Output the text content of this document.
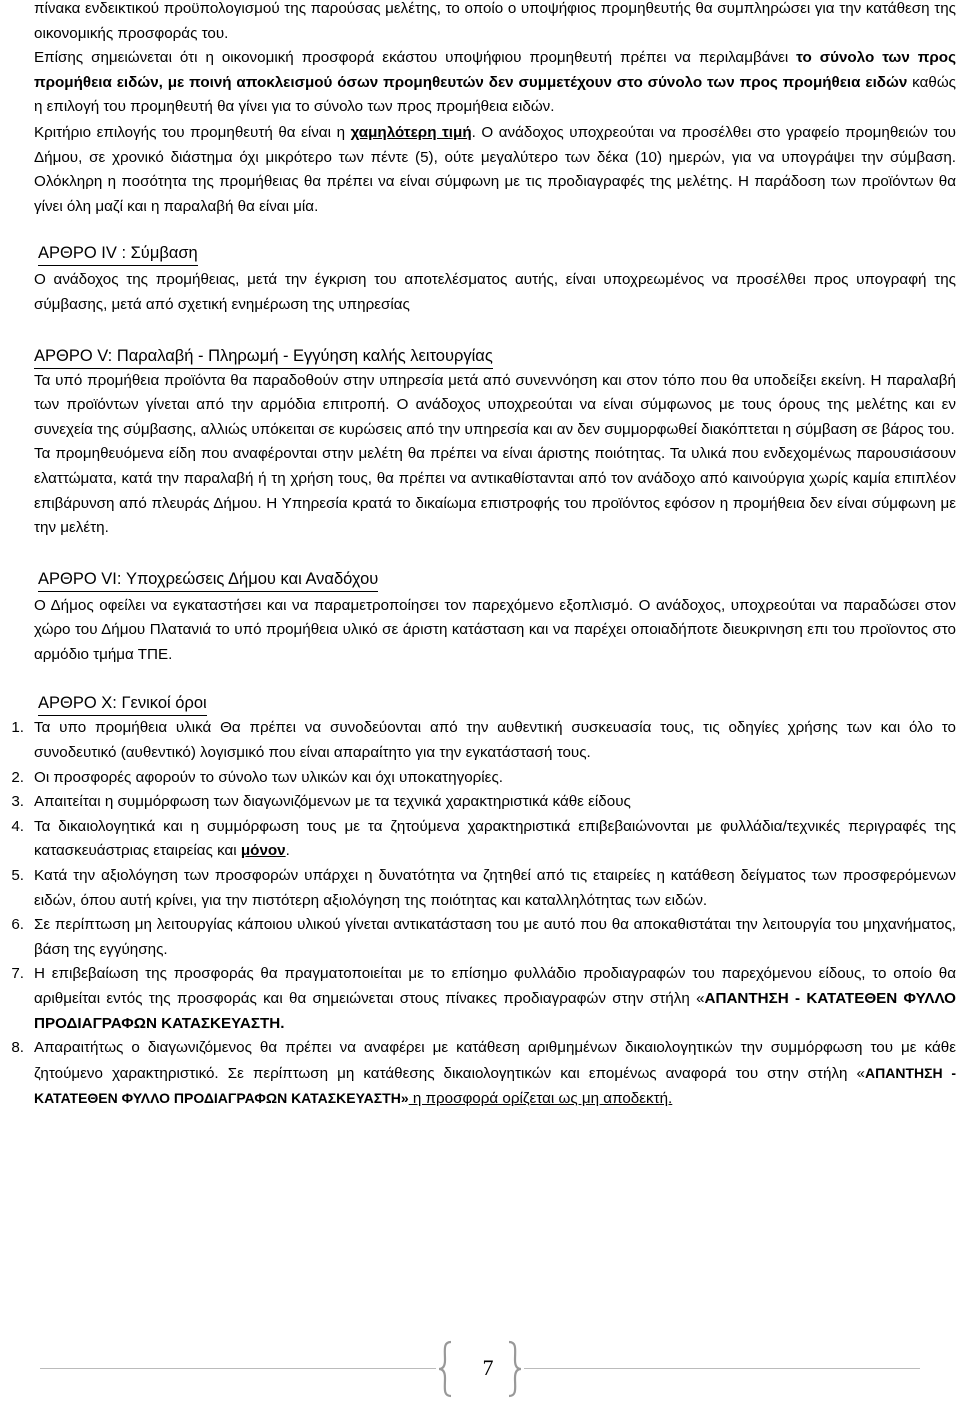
πίνακα ενδεικτικού προϋπολογισμού της παρούσας μελέτης, το οποίο ο υποψήφιος προμηθευτής θα συμπληρώσει για την κατάθεση της οικονομικής προσφοράς του.

Επίσης σημειώνεται ότι η οικονομική προσφορά εκάστου υποψήφιου προμηθευτή πρέπει να περιλαμβάνει το σύνολο των προς προμήθεια ειδών, με ποινή αποκλεισμού όσων προμηθευτών δεν συμμετέχουν στο σύνολο των προς προμήθεια ειδών καθώς η επιλογή του προμηθευτή θα γίνει για το σύνολο των προς προμήθεια ειδών.

Κριτήριο επιλογής του προμηθευτή θα είναι η χαμηλότερη τιμή. Ο ανάδοχος υποχρεούται να προσέλθει στο γραφείο προμηθειών του Δήμου, σε χρονικό διάστημα όχι μικρότερο των πέντε (5), ούτε μεγαλύτερο των δέκα (10) ημερών, για να υπογράψει την σύμβαση. Ολόκληρη η ποσότητα της προμήθειας θα πρέπει να είναι σύμφωνη με τις προδιαγραφές της μελέτης. Η παράδοση των προϊόντων θα γίνει όλη μαζί και η παραλαβή θα είναι μία.

ΑΡΘΡΟ IV : Σύμβαση

Ο ανάδοχος της προμήθειας, μετά την έγκριση του αποτελέσματος αυτής, είναι υποχρεωμένος να προσέλθει προς υπογραφή της σύμβασης, μετά από σχετική ενημέρωση της υπηρεσίας

ΑΡΘΡΟ V: Παραλαβή - Πληρωμή - Εγγύηση καλής λειτουργίας

Τα υπό προμήθεια προϊόντα θα παραδοθούν στην υπηρεσία μετά από συνεννόηση και στον τόπο που θα υποδείξει εκείνη. Η παραλαβή των προϊόντων γίνεται από την αρμόδια επιτροπή. Ο ανάδοχος υποχρεούται να είναι σύμφωνος με τους όρους της μελέτης και εν συνεχεία της σύμβασης, αλλιώς υπόκειται σε κυρώσεις από την υπηρεσία και αν δεν συμμορφωθεί διακόπτεται η σύμβαση σε βάρος του.

Τα προμηθευόμενα είδη που αναφέρονται στην μελέτη θα πρέπει να είναι άριστης ποιότητας. Τα υλικά που ενδεχομένως παρουσιάσουν ελαττώματα, κατά την παραλαβή ή τη χρήση τους, θα πρέπει να αντικαθίστανται από τον ανάδοχο από καινούργια χωρίς καμία επιπλέον επιβάρυνση από πλευράς Δήμου. Η Υπηρεσία κρατά το δικαίωμα επιστροφής του προϊόντος εφόσον η προμήθεια δεν είναι σύμφωνη με την μελέτη.

ΑΡΘΡΟ VI: Υποχρεώσεις Δήμου και Αναδόχου

Ο Δήμος οφείλει να εγκαταστήσει και να παραμετροποίησει τον παρεχόμενο εξοπλισμό. Ο ανάδοχος, υποχρεούται να παραδώσει στον χώρο του Δήμου Πλατανιά το υπό προμήθεια υλικό σε άριστη κατάσταση και να παρέχει οποιαδήποτε διευκρινηση επι του προϊοντος στο αρμόδιο τμήμα ΤΠΕ.

ΑΡΘΡΟ X: Γενικοί όροι
1. Τα υπο προμήθεια υλικά Θα πρέπει να συνοδεύονται από την αυθεντική συσκευασία τους, τις οδηγίες χρήσης των και όλο το συνοδευτικό (αυθεντικό) λογισμικό που είναι απαραίτητο για την εγκατάστασή τους.

2. Οι προσφορές αφορούν το σύνολο των υλικών και όχι υποκατηγορίες.

3. Απαιτείται η συμμόρφωση των διαγωνιζόμενων με τα τεχνικά χαρακτηριστικά κάθε είδους

4. Τα δικαιολογητικά και η συμμόρφωση τους με τα ζητούμενα χαρακτηριστικά επιβεβαιώνονται με φυλλάδια/τεχνικές περιγραφές της κατασκευάστριας εταιρείας και μόνον.

5. Κατά την αξιολόγηση των προσφορών υπάρχει η δυνατότητα να ζητηθεί από τις εταιρείες η κατάθεση δείγματος των προσφερόμενων ειδών, όπου αυτή κρίνει, για την πιστότερη αξιολόγηση της ποιότητας και καταλληλότητας των ειδών.

6. Σε περίπτωση μη λειτουργίας κάποιου υλικού γίνεται αντικατάσταση του με αυτό που θα αποκαθιστάται την λειτουργία του μηχανήματος, βάση της εγγύησης.

7. Η επιβεβαίωση της προσφοράς θα πραγματοποιείται με το επίσημο φυλλάδιο προδιαγραφών του παρεχόμενου είδους, το οποίο θα αριθμείται εντός της προσφοράς και θα σημειώνεται στους πίνακες προδιαγραφών στην στήλη «ΑΠΑΝΤΗΣΗ - ΚΑΤΑΤΕΘΕΝ ΦΥΛΛΟ ΠΡΟΔΙΑΓΡΑΦΩΝ ΚΑΤΑΣΚΕΥΑΣΤΗ.

8. Απαραιτήτως ο διαγωνιζόμενος θα πρέπει να αναφέρει με κατάθεση αριθμημένων δικαιολογητικών την συμμόρφωση του με κάθε ζητούμενο χαρακτηριστικό. Σε περίπτωση μη κατάθεσης δικαιολογητικών και επομένως αναφορά του στην στήλη «ΑΠΑΝΤΗΣΗ - ΚΑΤΑΤΕΘΕΝ ΦΥΛΛΟ ΠΡΟΔΙΑΓΡΑΦΩΝ ΚΑΤΑΣΚΕΥΑΣΤΗ» η προσφορά ορίζεται ως μη αποδεκτή.

7
